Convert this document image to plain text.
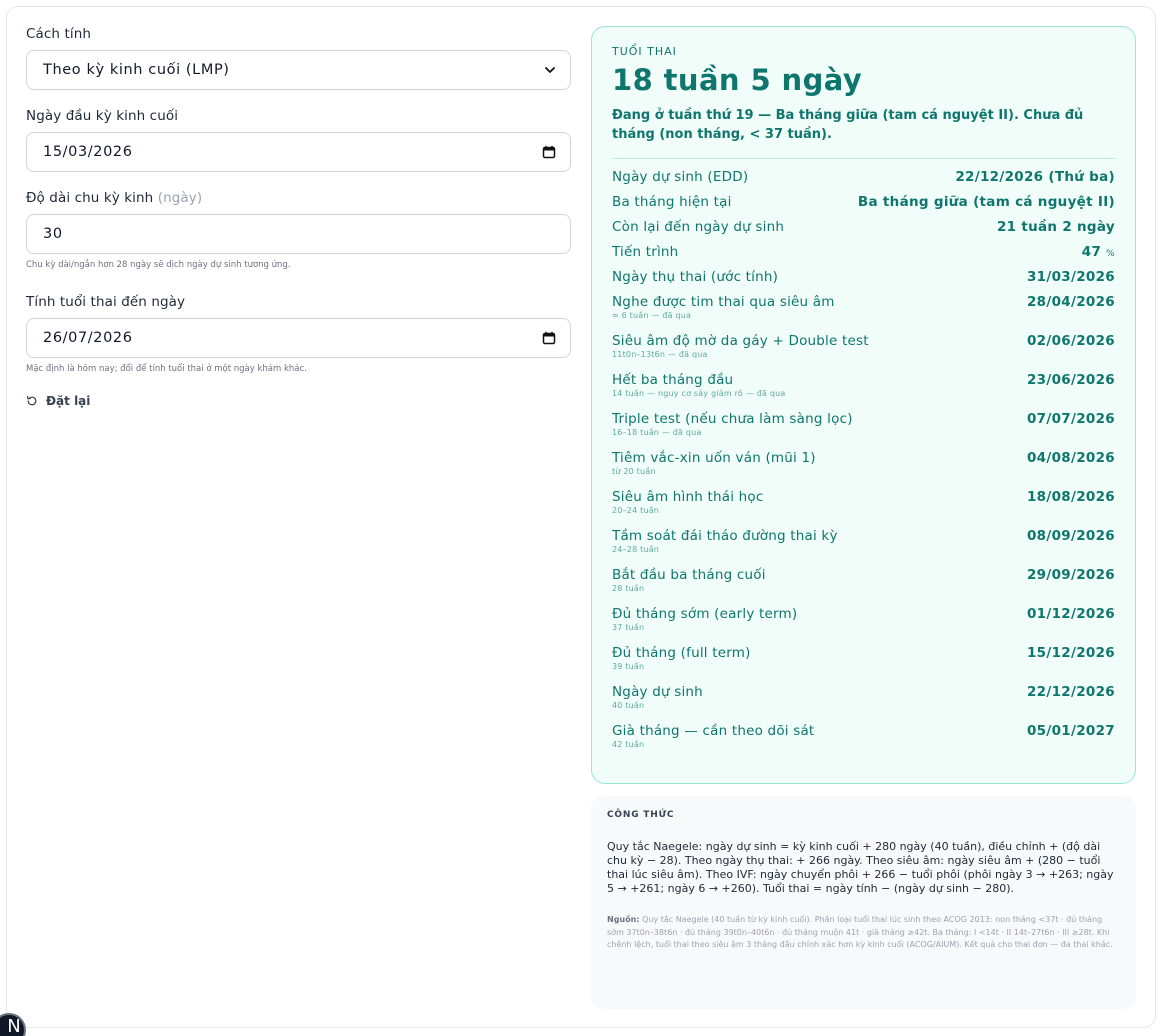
Cách tính
Theo kỳ kinh cuối (LMP)
Ngày đầu kỳ kinh cuối
15/03/2026
Độ dài chu kỳ kinh (ngày)
30
Chu kỳ dài/ngắn hơn 28 ngày sẽ dịch ngày dự sinh tương ứng.
Tính tuổi thai đến ngày
26/07/2026
Mặc định là hôm nay; đổi để tính tuổi thai ở một ngày khám khác.
Đặt lại
TUỔI THAI
18 tuần 5 ngày
Đang ở tuần thứ 19 — Ba tháng giữa (tam cá nguyệt II). Chưa đủ tháng (non tháng, < 37 tuần).
Ngày dự sinh (EDD)	22/12/2026 (Thứ ba)
Ba tháng hiện tại	Ba tháng giữa (tam cá nguyệt II)
Còn lại đến ngày dự sinh	21 tuần 2 ngày
Tiến trình	47 %
Ngày thụ thai (ước tính)	31/03/2026
Nghe được tim thai qua siêu âm
≈ 6 tuần — đã qua
28/04/2026
Siêu âm độ mờ da gáy + Double test
11t0n–13t6n — đã qua
02/06/2026
Hết ba tháng đầu
14 tuần — nguy cơ sảy giảm rõ — đã qua
23/06/2026
Triple test (nếu chưa làm sàng lọc)
16–18 tuần — đã qua
07/07/2026
Tiêm vắc-xin uốn ván (mũi 1)
từ 20 tuần
04/08/2026
Siêu âm hình thái học
20–24 tuần
18/08/2026
Tầm soát đái tháo đường thai kỳ
24–28 tuần
08/09/2026
Bắt đầu ba tháng cuối
28 tuần
29/09/2026
Đủ tháng sớm (early term)
37 tuần
01/12/2026
Đủ tháng (full term)
39 tuần
15/12/2026
Ngày dự sinh
40 tuần
22/12/2026
Già tháng — cần theo dõi sát
42 tuần
05/01/2027
CÔNG THỨC
Quy tắc Naegele: ngày dự sinh = kỳ kinh cuối + 280 ngày (40 tuần), điều chỉnh + (độ dài chu kỳ − 28). Theo ngày thụ thai: + 266 ngày. Theo siêu âm: ngày siêu âm + (280 − tuổi thai lúc siêu âm). Theo IVF: ngày chuyển phôi + 266 − tuổi phôi (phôi ngày 3 → +263; ngày 5 → +261; ngày 6 → +260). Tuổi thai = ngày tính − (ngày dự sinh − 280).
Nguồn: Quy tắc Naegele (40 tuần từ kỳ kinh cuối). Phân loại tuổi thai lúc sinh theo ACOG 2013: non tháng <37t · đủ tháng sớm 37t0n–38t6n · đủ tháng 39t0n–40t6n · đủ tháng muộn 41t · già tháng ≥42t. Ba tháng: I <14t · II 14t–27t6n · III ≥28t. Khi chênh lệch, tuổi thai theo siêu âm 3 tháng đầu chính xác hơn kỳ kinh cuối (ACOG/AIUM). Kết quả cho thai đơn — đa thai khác.
N
